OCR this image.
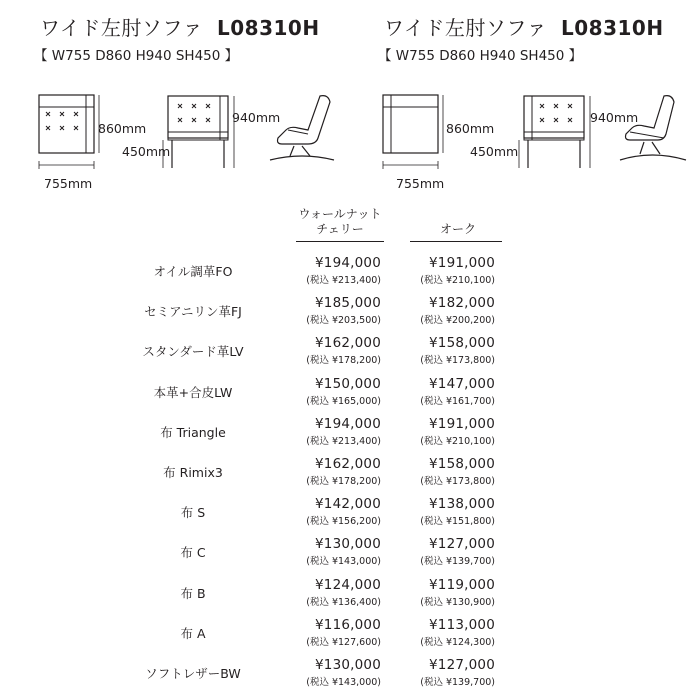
ワイド左肘ソファ L08310H
【 W755 D860 H940 SH450 】
860mm
755mm
940mm
450mm
ワイド左肘ソファ L08310H
【 W755 D860 H940 SH450 】
860mm
755mm
940mm
450mm
ウォールナット
チェリー	オーク
オイル調革FO
¥194,000
(税込 ¥213,400)
¥191,000
(税込 ¥210,100)
セミアニリン革FJ
¥185,000
(税込 ¥203,500)
¥182,000
(税込 ¥200,200)
スタンダード革LV
¥162,000
(税込 ¥178,200)
¥158,000
(税込 ¥173,800)
本革+合皮LW
¥150,000
(税込 ¥165,000)
¥147,000
(税込 ¥161,700)
布 Triangle
¥194,000
(税込 ¥213,400)
¥191,000
(税込 ¥210,100)
布 Rimix3
¥162,000
(税込 ¥178,200)
¥158,000
(税込 ¥173,800)
布 S
¥142,000
(税込 ¥156,200)
¥138,000
(税込 ¥151,800)
布 C
¥130,000
(税込 ¥143,000)
¥127,000
(税込 ¥139,700)
布 B
¥124,000
(税込 ¥136,400)
¥119,000
(税込 ¥130,900)
布 A
¥116,000
(税込 ¥127,600)
¥113,000
(税込 ¥124,300)
ソフトレザーBW
¥130,000
(税込 ¥143,000)
¥127,000
(税込 ¥139,700)
